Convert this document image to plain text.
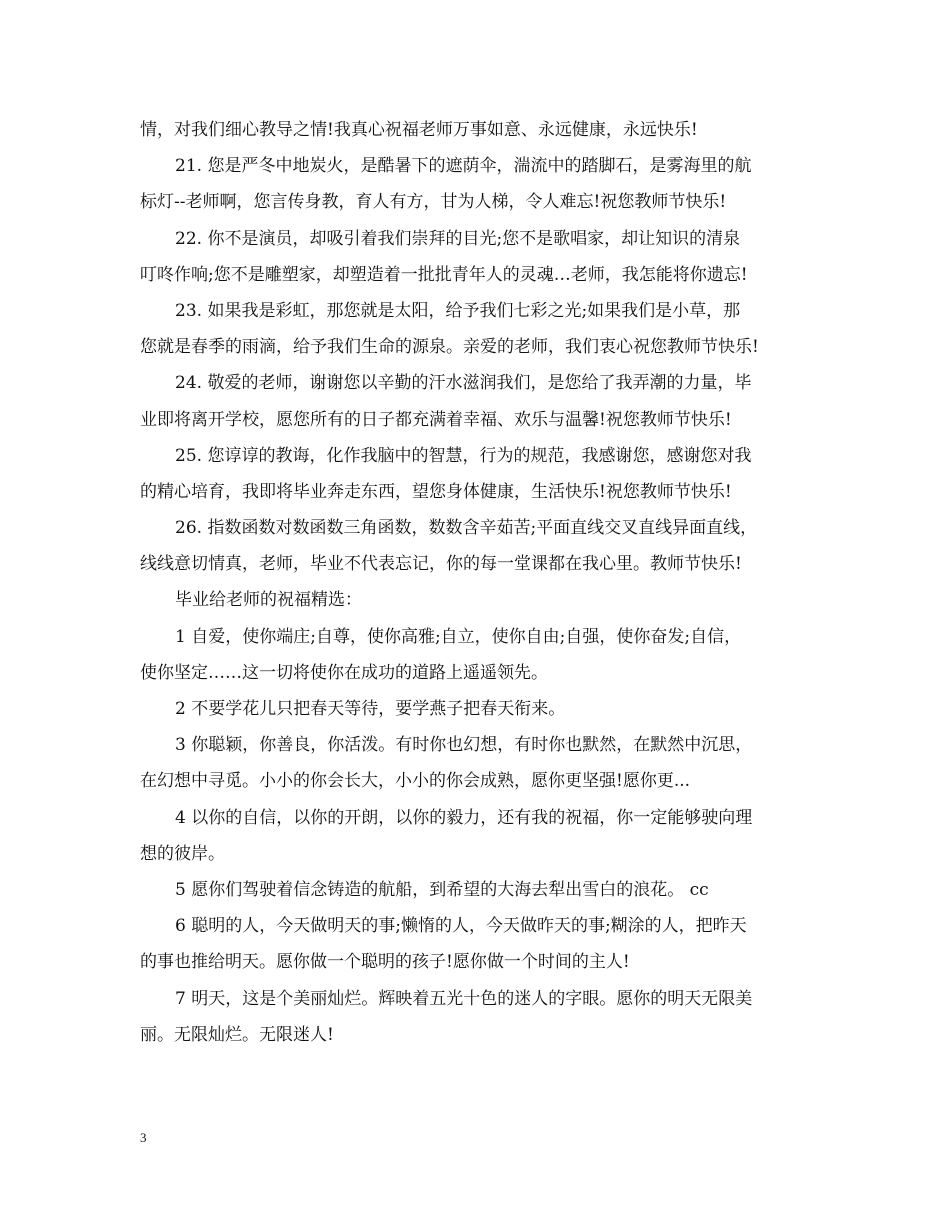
情，对我们细心教导之情!我真心祝福老师万事如意、永远健康，永远快乐!
21. 您是严冬中地炭火，是酷暑下的遮荫伞，湍流中的踏脚石，是雾海里的航
标灯--老师啊，您言传身教，育人有方，甘为人梯，令人难忘!祝您教师节快乐!
22. 你不是演员，却吸引着我们崇拜的目光;您不是歌唱家，却让知识的清泉
叮咚作响;您不是雕塑家，却塑造着一批批青年人的灵魂…老师，我怎能将你遗忘!
23. 如果我是彩虹，那您就是太阳，给予我们七彩之光;如果我们是小草，那
您就是春季的雨滴，给予我们生命的源泉。亲爱的老师，我们衷心祝您教师节快乐!
24. 敬爱的老师，谢谢您以辛勤的汗水滋润我们，是您给了我弄潮的力量，毕
业即将离开学校，愿您所有的日子都充满着幸福、欢乐与温馨!祝您教师节快乐!
25. 您谆谆的教诲，化作我脑中的智慧，行为的规范，我感谢您，感谢您对我
的精心培育，我即将毕业奔走东西，望您身体健康，生活快乐!祝您教师节快乐!
26. 指数函数对数函数三角函数，数数含辛茹苦;平面直线交叉直线异面直线，
线线意切情真，老师，毕业不代表忘记，你的每一堂课都在我心里。教师节快乐!
毕业给老师的祝福精选：
1 自爱，使你端庄;自尊，使你高雅;自立，使你自由;自强，使你奋发;自信，
使你坚定……这一切将使你在成功的道路上遥遥领先。
2 不要学花儿只把春天等待，要学燕子把春天衔来。
3 你聪颖，你善良，你活泼。有时你也幻想，有时你也默然，在默然中沉思，
在幻想中寻觅。小小的你会长大，小小的你会成熟，愿你更坚强!愿你更...
4 以你的自信，以你的开朗，以你的毅力，还有我的祝福，你一定能够驶向理
想的彼岸。
5 愿你们驾驶着信念铸造的航船，到希望的大海去犁出雪白的浪花。 cc
6 聪明的人，今天做明天的事;懒惰的人，今天做昨天的事;糊涂的人，把昨天
的事也推给明天。愿你做一个聪明的孩子!愿你做一个时间的主人!
7 明天，这是个美丽灿烂。辉映着五光十色的迷人的字眼。愿你的明天无限美
丽。无限灿烂。无限迷人!
3
